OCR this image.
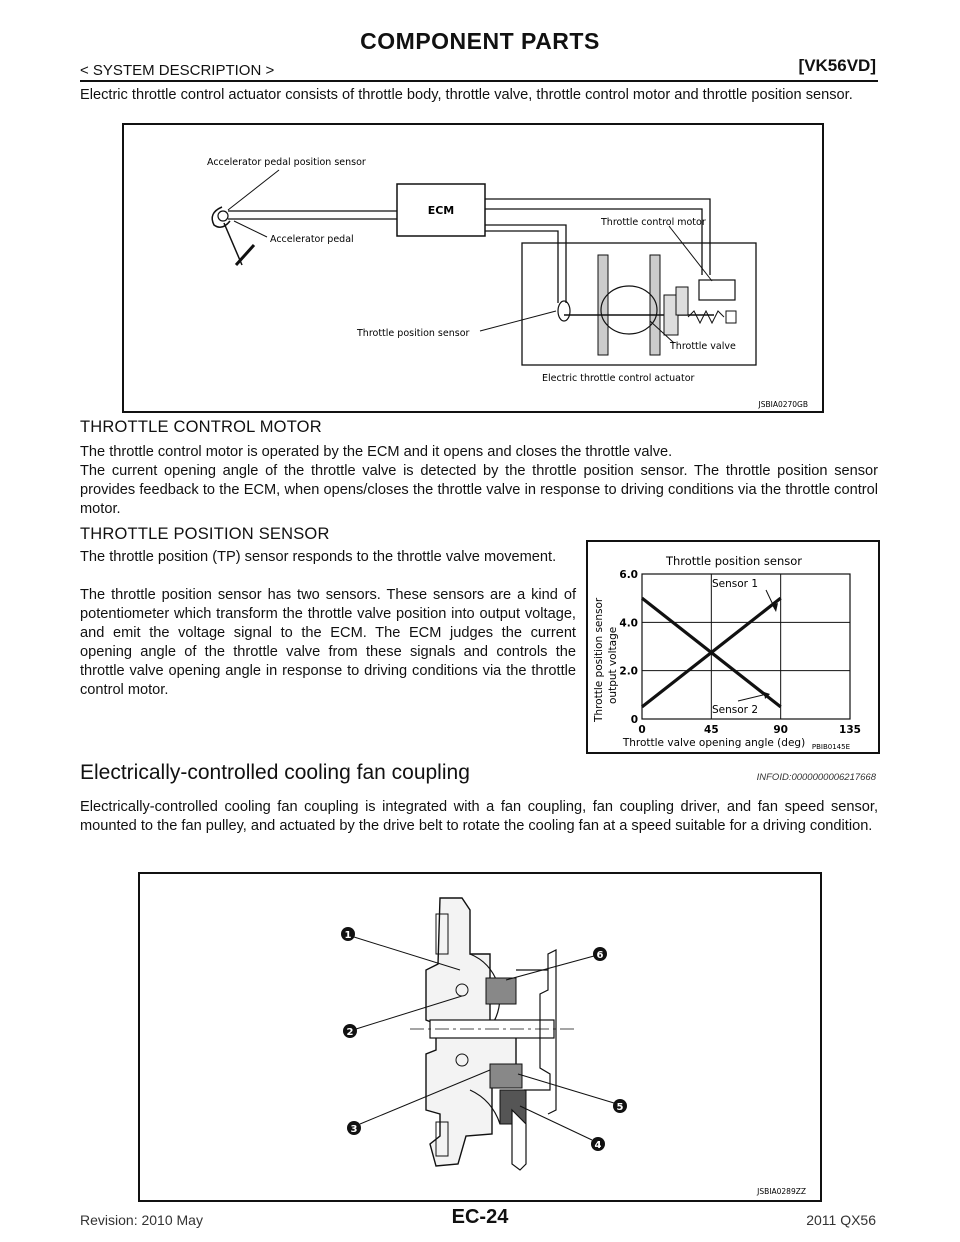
COMPONENT PARTS
< SYSTEM DESCRIPTION >	[VK56VD]
Electric throttle control actuator consists of throttle body, throttle valve, throttle control motor and throttle position sensor.
ECM
Accelerator pedal position sensor
Accelerator pedal
Electric throttle control actuator
Throttle control motor
Throttle position sensor
Throttle valve
JSBIA0270GB
THROTTLE CONTROL MOTOR
The throttle control motor is operated by the ECM and it opens and closes the throttle valve.
The current opening angle of the throttle valve is detected by the throttle position sensor. The throttle position sensor provides feedback to the ECM, when opens/closes the throttle valve in response to driving conditions via the throttle control motor.
THROTTLE POSITION SENSOR
The throttle position (TP) sensor responds to the throttle valve movement.
The throttle position sensor has two sensors. These sensors are a kind of potentiometer which transform the throttle valve position into output voltage, and emit the voltage signal to the ECM. The ECM judges the current opening angle of the throttle valve from these signals and controls the throttle valve opening angle in response to driving conditions via the throttle control motor.
Throttle position sensor
0	45	90	135
0
2.0
4.0
6.0
Sensor 1
Sensor 2
Throttle position sensor output voltage
Throttle valve opening angle (deg) PBIB0145E
Electrically-controlled cooling fan coupling	INFOID:0000000006217668
Electrically-controlled cooling fan coupling is integrated with a fan coupling, fan coupling driver, and fan speed sensor, mounted to the fan pulley, and actuated by the drive belt to rotate the cooling fan at a speed suitable for a driving condition.
1
2
3
4
5
6
JSBIA0289ZZ
Revision: 2010 May	EC-24	2011 QX56
